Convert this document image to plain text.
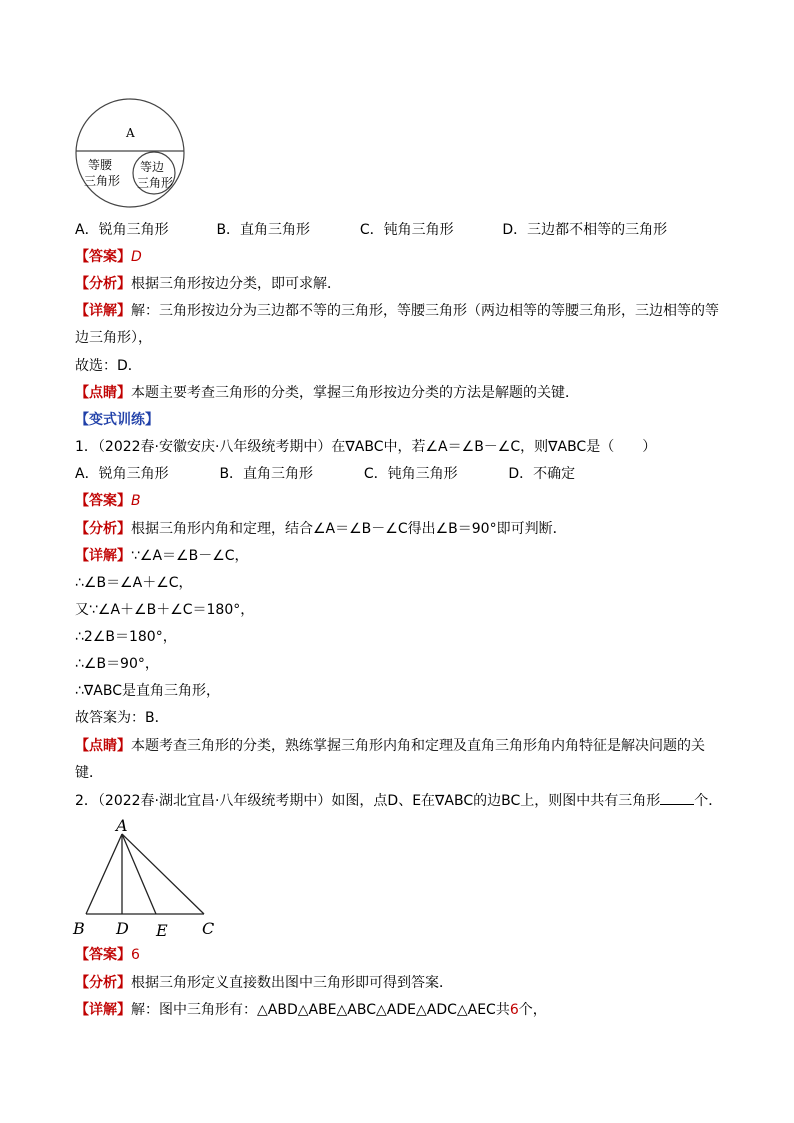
A
等腰
三角形
等边
三角形
A．锐角三角形	B．直角三角形	C．钝角三角形	D．三边都不相等的三角形
【答案】D
【分析】根据三角形按边分类，即可求解．
【详解】解：三角形按边分为三边都不等的三角形，等腰三角形（两边相等的等腰三角形，三边相等的等
边三角形），
故选：D．
【点睛】本题主要考查三角形的分类，掌握三角形按边分类的方法是解题的关键．
【变式训练】
1．（2022春·安徽安庆·八年级统考期中）在∇ABC中，若∠A＝∠B－∠C，则∇ABC是（　　）
A．锐角三角形	B．直角三角形	C．钝角三角形	D．不确定
【答案】B
【分析】根据三角形内角和定理，结合∠A＝∠B－∠C得出∠B＝90°即可判断．
【详解】∵∠A＝∠B－∠C，
∴∠B＝∠A＋∠C，
又∵∠A＋∠B＋∠C＝180°，
∴2∠B＝180°，
∴∠B＝90°，
∴∇ABC是直角三角形，
故答案为：B．
【点睛】本题考查三角形的分类，熟练掌握三角形内角和定理及直角三角形角内角特征是解决问题的关
键．
2．（2022春·湖北宜昌·八年级统考期中）如图，点D、E在∇ABC的边BC上，则图中共有三角形 个．
A
B D E C
【答案】6
【分析】根据三角形定义直接数出图中三角形即可得到答案．
【详解】解：图中三角形有：△ABD△ABE△ABC△ADE△ADC△AEC共6个，
